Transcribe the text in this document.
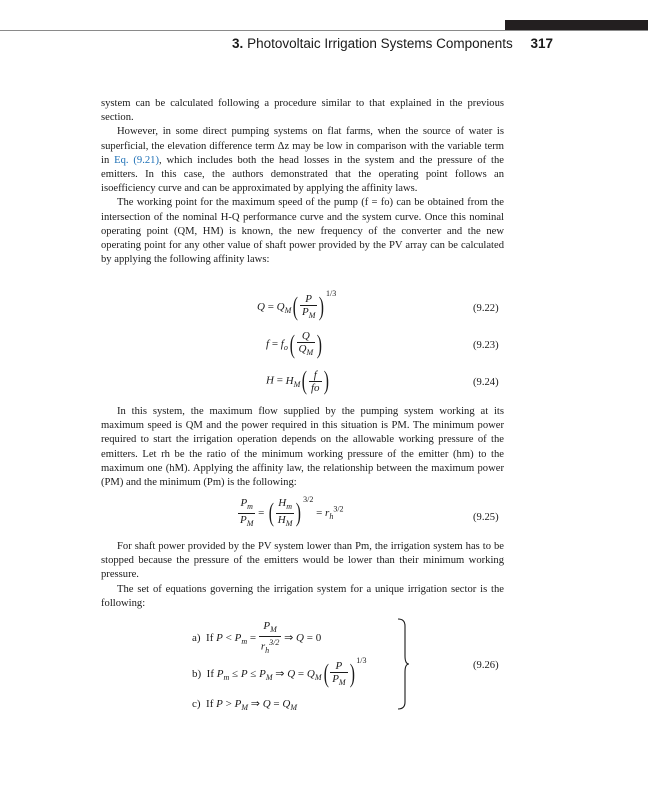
3. Photovoltaic Irrigation Systems Components 317

system can be calculated following a procedure similar to that explained in the previous section.

However, in some direct pumping systems on flat farms, when the source of water is superficial, the elevation difference term Δz may be low in comparison with the variable term in Eq. (9.21), which includes both the head losses in the system and the pressure of the emitters. In this case, the authors demonstrated that the operating point follows an isoefficiency curve and can be approximated by applying the affinity laws.

The working point for the maximum speed of the pump (f = fo) can be obtained from the intersection of the nominal H-Q performance curve and the system curve. Once this nominal operating point (QM, HM) is known, the new frequency of the converter and the new operating point for any other value of shaft power provided by the PV array can be calculated by applying the following affinity laws:

$Q = Q_M( \frac{P}{P_M}$ ) $^{1/3}$
(9.22)
$f = f_o( \frac{Q}{Q_M}$ )	(9.23)
$H = H_M( \frac{f}{fo}$ )	(9.24)

In this system, the maximum flow supplied by the pumping system working at its maximum speed is QM and the power required in this situation is PM. The minimum power required to start the irrigation operation depends on the allowable working pressure of the emitters. Let rh be the ratio of the minimum working pressure of the emitter (hm) to the maximum one (hM). Applying the affinity law, the relationship between the maximum power (PM) and the minimum (Pm) is the following:

$\frac{P_m}{P_M}$ = ( $\frac{H_m}{H_M}$ ) $^{3/2} = r_h^{3/2}$
(9.25)

For shaft power provided by the PV system lower than Pm, the irrigation system has to be stopped because the pressure of the emitters would be lower than their minimum working pressure.

The set of equations governing the irrigation system for a unique irrigation sector is the following:

a) If $P < P_m = \frac{P_M}{r_h^{3/2}}$ ⇒ Q = 0
b) If $P_m \le P \le P_M$ ⇒ $Q = Q_M( \frac{P}{P_M}$ ) $^{1/3}$
c) If $P > P_M$ ⇒ $Q = Q_M$
(9.26)
